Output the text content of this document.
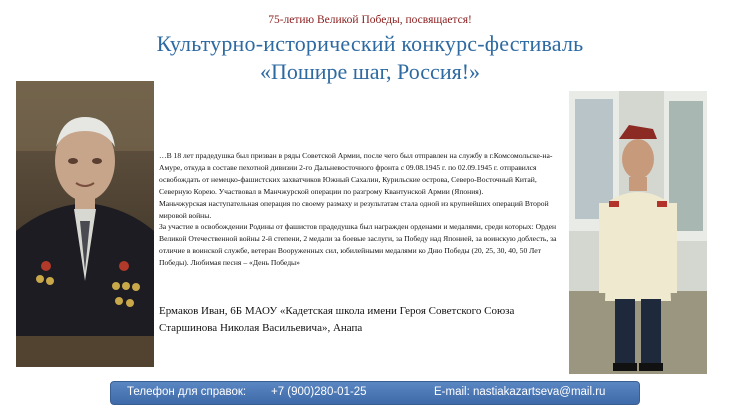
75-летию Великой Победы, посвящается!
Культурно-исторический конкурс-фестиваль
«Пошире шаг, Россия!»

…В 18 лет прадедушка был призван в ряды Советской Армии, после чего был отправлен на службу в г.Комсомольске-на-Амуре, откуда в составе пехотной дивизии 2-го Дальневосточного фронта с 09.08.1945 г. по 02.09.1945 г. отправился освобождать от немецко-фашистских захватчиков Южный Сахалин, Курильские острова, Северо-Восточный Китай, Северную Корею. Участвовал в Манчжурской операции по разгрому Квантунской Армии (Япония).

Маньчжурская наступательная операция по своему размаху и результатам стала одной из крупнейших операций Второй мировой войны.

За участие в освобождении Родины от фашистов прадедушка был награжден орденами и медалями, среди которых: Орден Великой Отечественной войны 2-й степени, 2 медали за боевые заслуги, за Победу над Японией, за воинскую доблесть, за отличие в воинской службе, ветеран Вооруженных сил, юбилейными медалями ко Дню Победы (20, 25, 30, 40, 50 Лет Победы). Любимая песня – «День Победы»

Ермаков Иван, 6Б МАОУ «Кадетская школа имени Героя Советского Союза

Старшинова Николая Васильевича», Анапа

Телефон для справок: +7 (900)280-01-25	E-mail: nastiakazartseva@mail.ru
